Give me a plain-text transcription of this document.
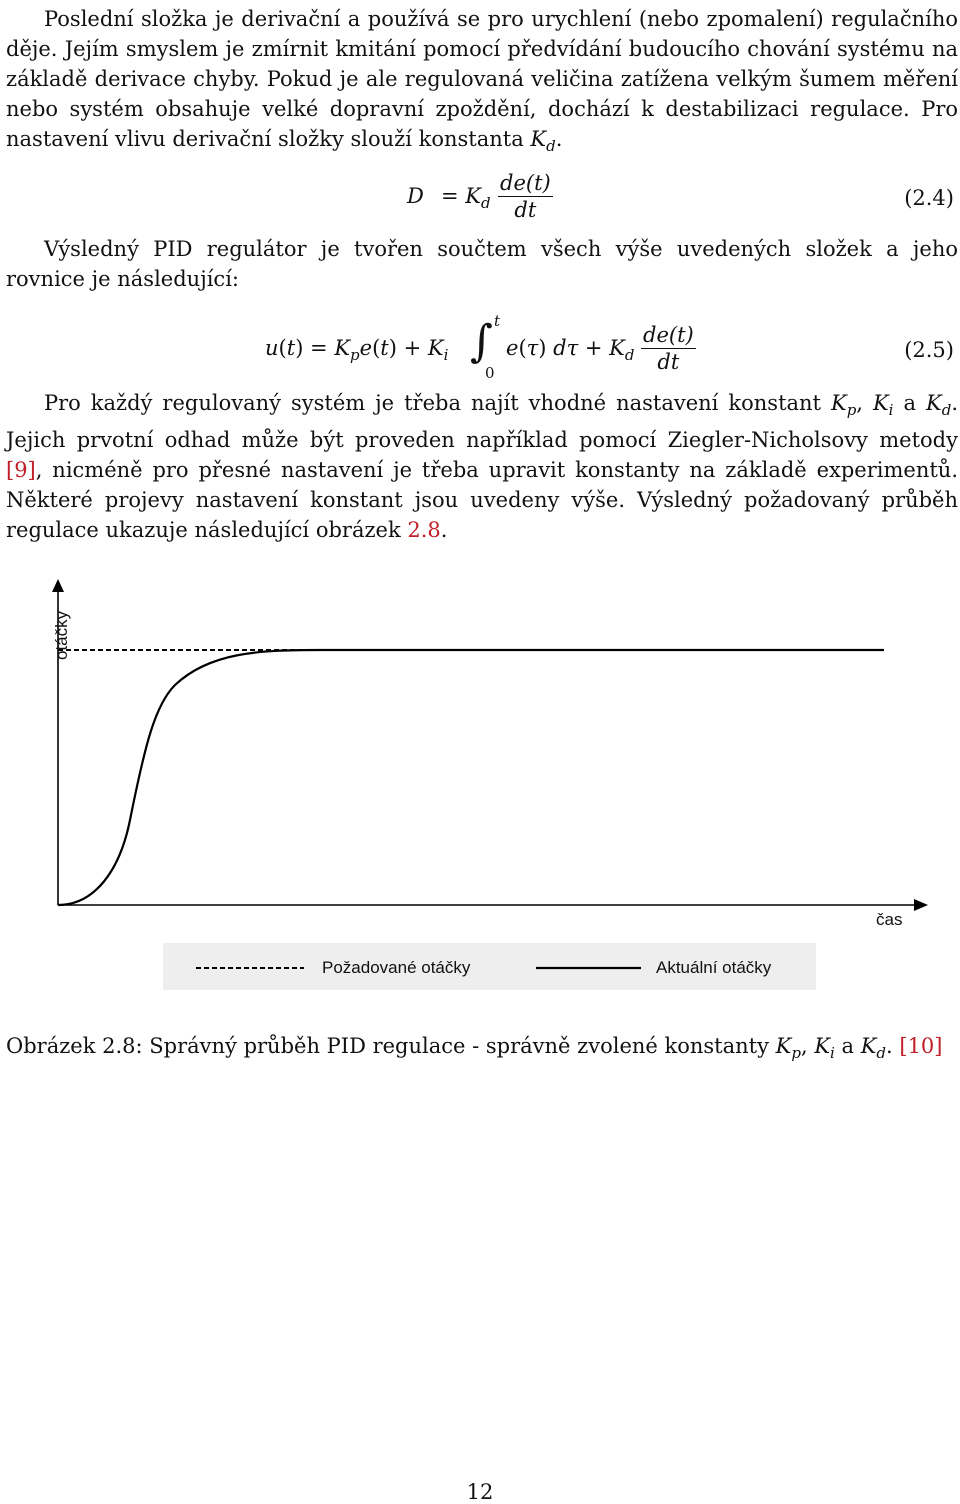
Poslední složka je derivační a používá se pro urychlení (nebo zpomalení) regulačního děje. Jejím smyslem je zmírnit kmitání pomocí předvídání budoucího chování systému na základě derivace chyby. Pokud je ale regulovaná veličina zatížena velkým šumem měření nebo systém obsahuje velké dopravní zpoždění, dochází k destabilizaci regulace. Pro nastavení vlivu derivační složky slouží konstanta $K_d$.

$D = K_d \frac{de(t)}{dt}$	(2.4)

Výsledný PID regulátor je tvořen součtem všech výše uvedených složek a jeho rovnice je následující:

$u(t) = K_pe(t) + K_i$ ∫ t
0
e(τ) $d\tau + K_d \frac{de(t)}{dt}$	(2.5)

Pro každý regulovaný systém je třeba najít vhodné nastavení konstant $K_p$, $K_i$ a $K_d$. Jejich prvotní odhad může být proveden například pomocí Ziegler-Nicholsovy metody [9], nicméně pro přesné nastavení je třeba upravit konstanty na základě experimentů. Některé projevy nastavení konstant jsou uvedeny výše. Výsledný požadovaný průběh regulace ukazuje následující obrázek 2.8.

otáčky
čas
Požadované otáčky	Aktuální otáčky
Obrázek 2.8: Správný průběh PID regulace - správně zvolené konstanty $K_p$, $K_i$ a $K_d$. [10]
12
